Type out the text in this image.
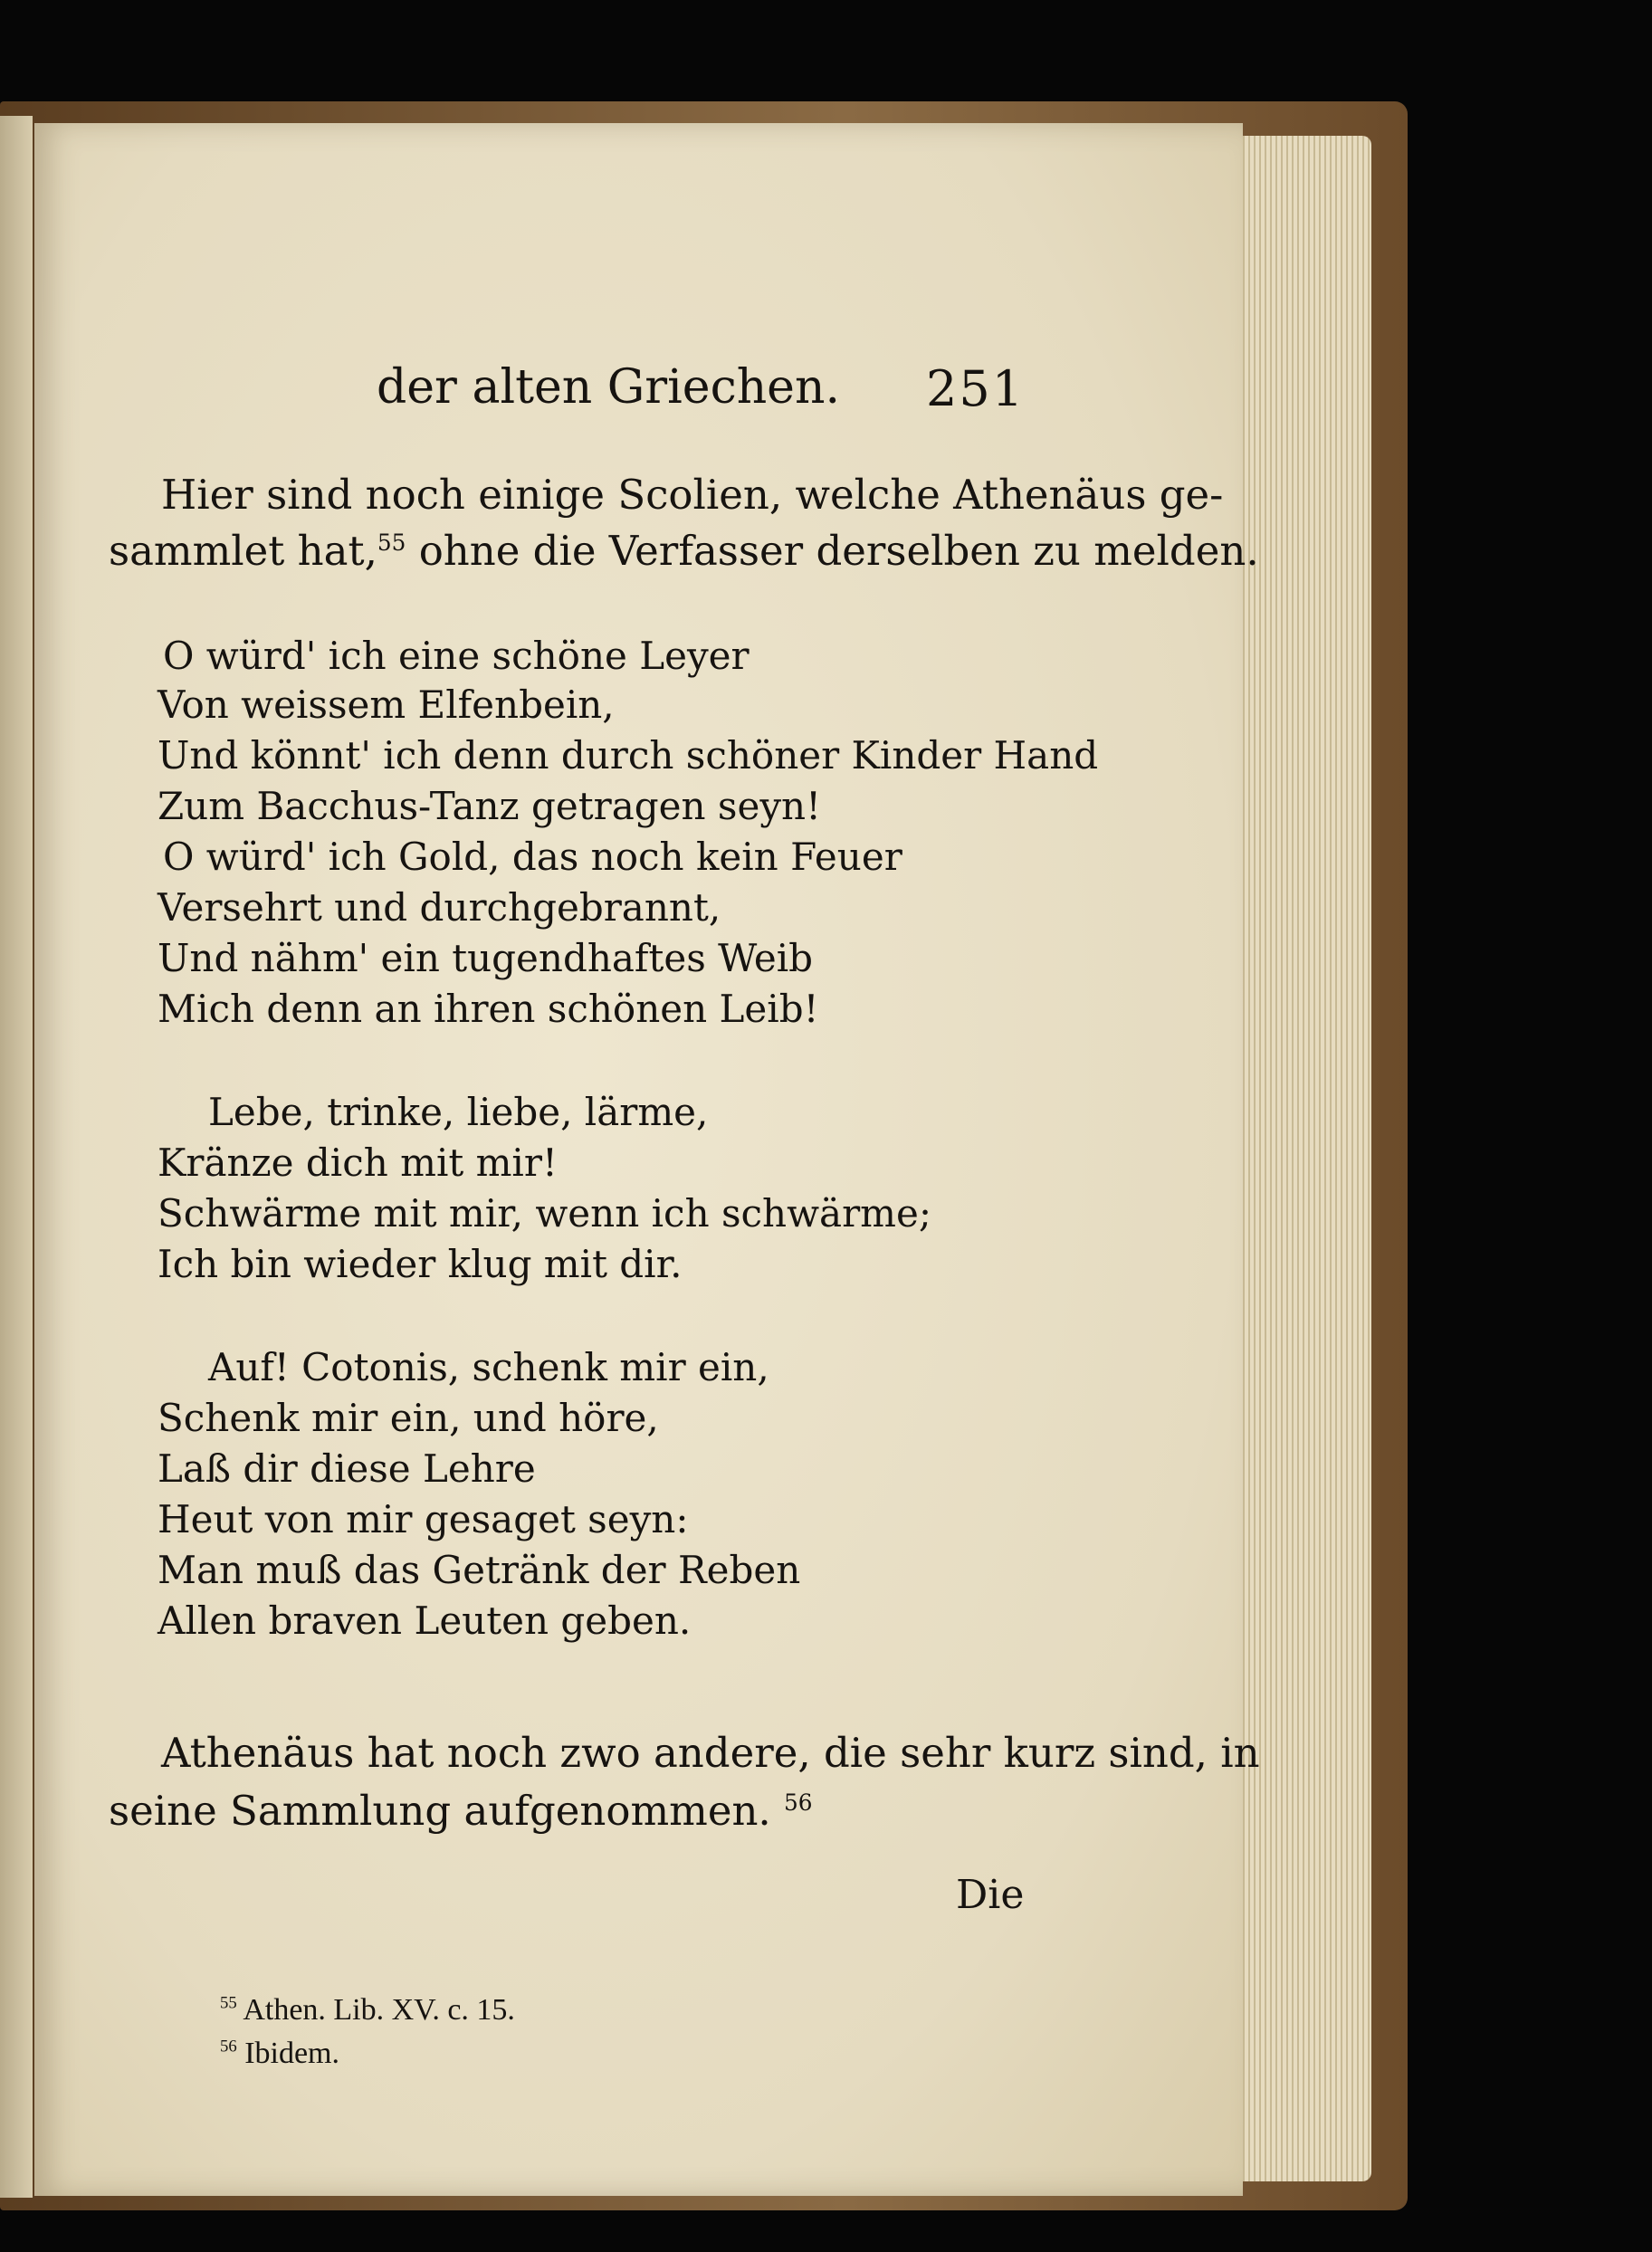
der alten Griechen. 251
Hier sind noch einige Scolien, welche Athenäus ge-
sammlet hat,$^{55}$ ohne die Verfasser derselben zu melden.
O würd' ich eine schöne Leyer
Von weissem Elfenbein,
Und könnt' ich denn durch schöner Kinder Hand
Zum Bacchus-Tanz getragen seyn!
O würd' ich Gold, das noch kein Feuer
Versehrt und durchgebrannt,
Und nähm' ein tugendhaftes Weib
Mich denn an ihren schönen Leib!
Lebe, trinke, liebe, lärme,
Kränze dich mit mir!
Schwärme mit mir, wenn ich schwärme;
Ich bin wieder klug mit dir.
Auf! Cotonis, schenk mir ein,
Schenk mir ein, und höre,
Laß dir diese Lehre
Heut von mir gesaget seyn:
Man muß das Getränk der Reben
Allen braven Leuten geben.
Athenäus hat noch zwo andere, die sehr kurz sind, in
seine Sammlung aufgenommen. $^{56}$
Die
$^{55}$ Athen. Lib. XV. c. 15.
$^{56}$ Ibidem.
